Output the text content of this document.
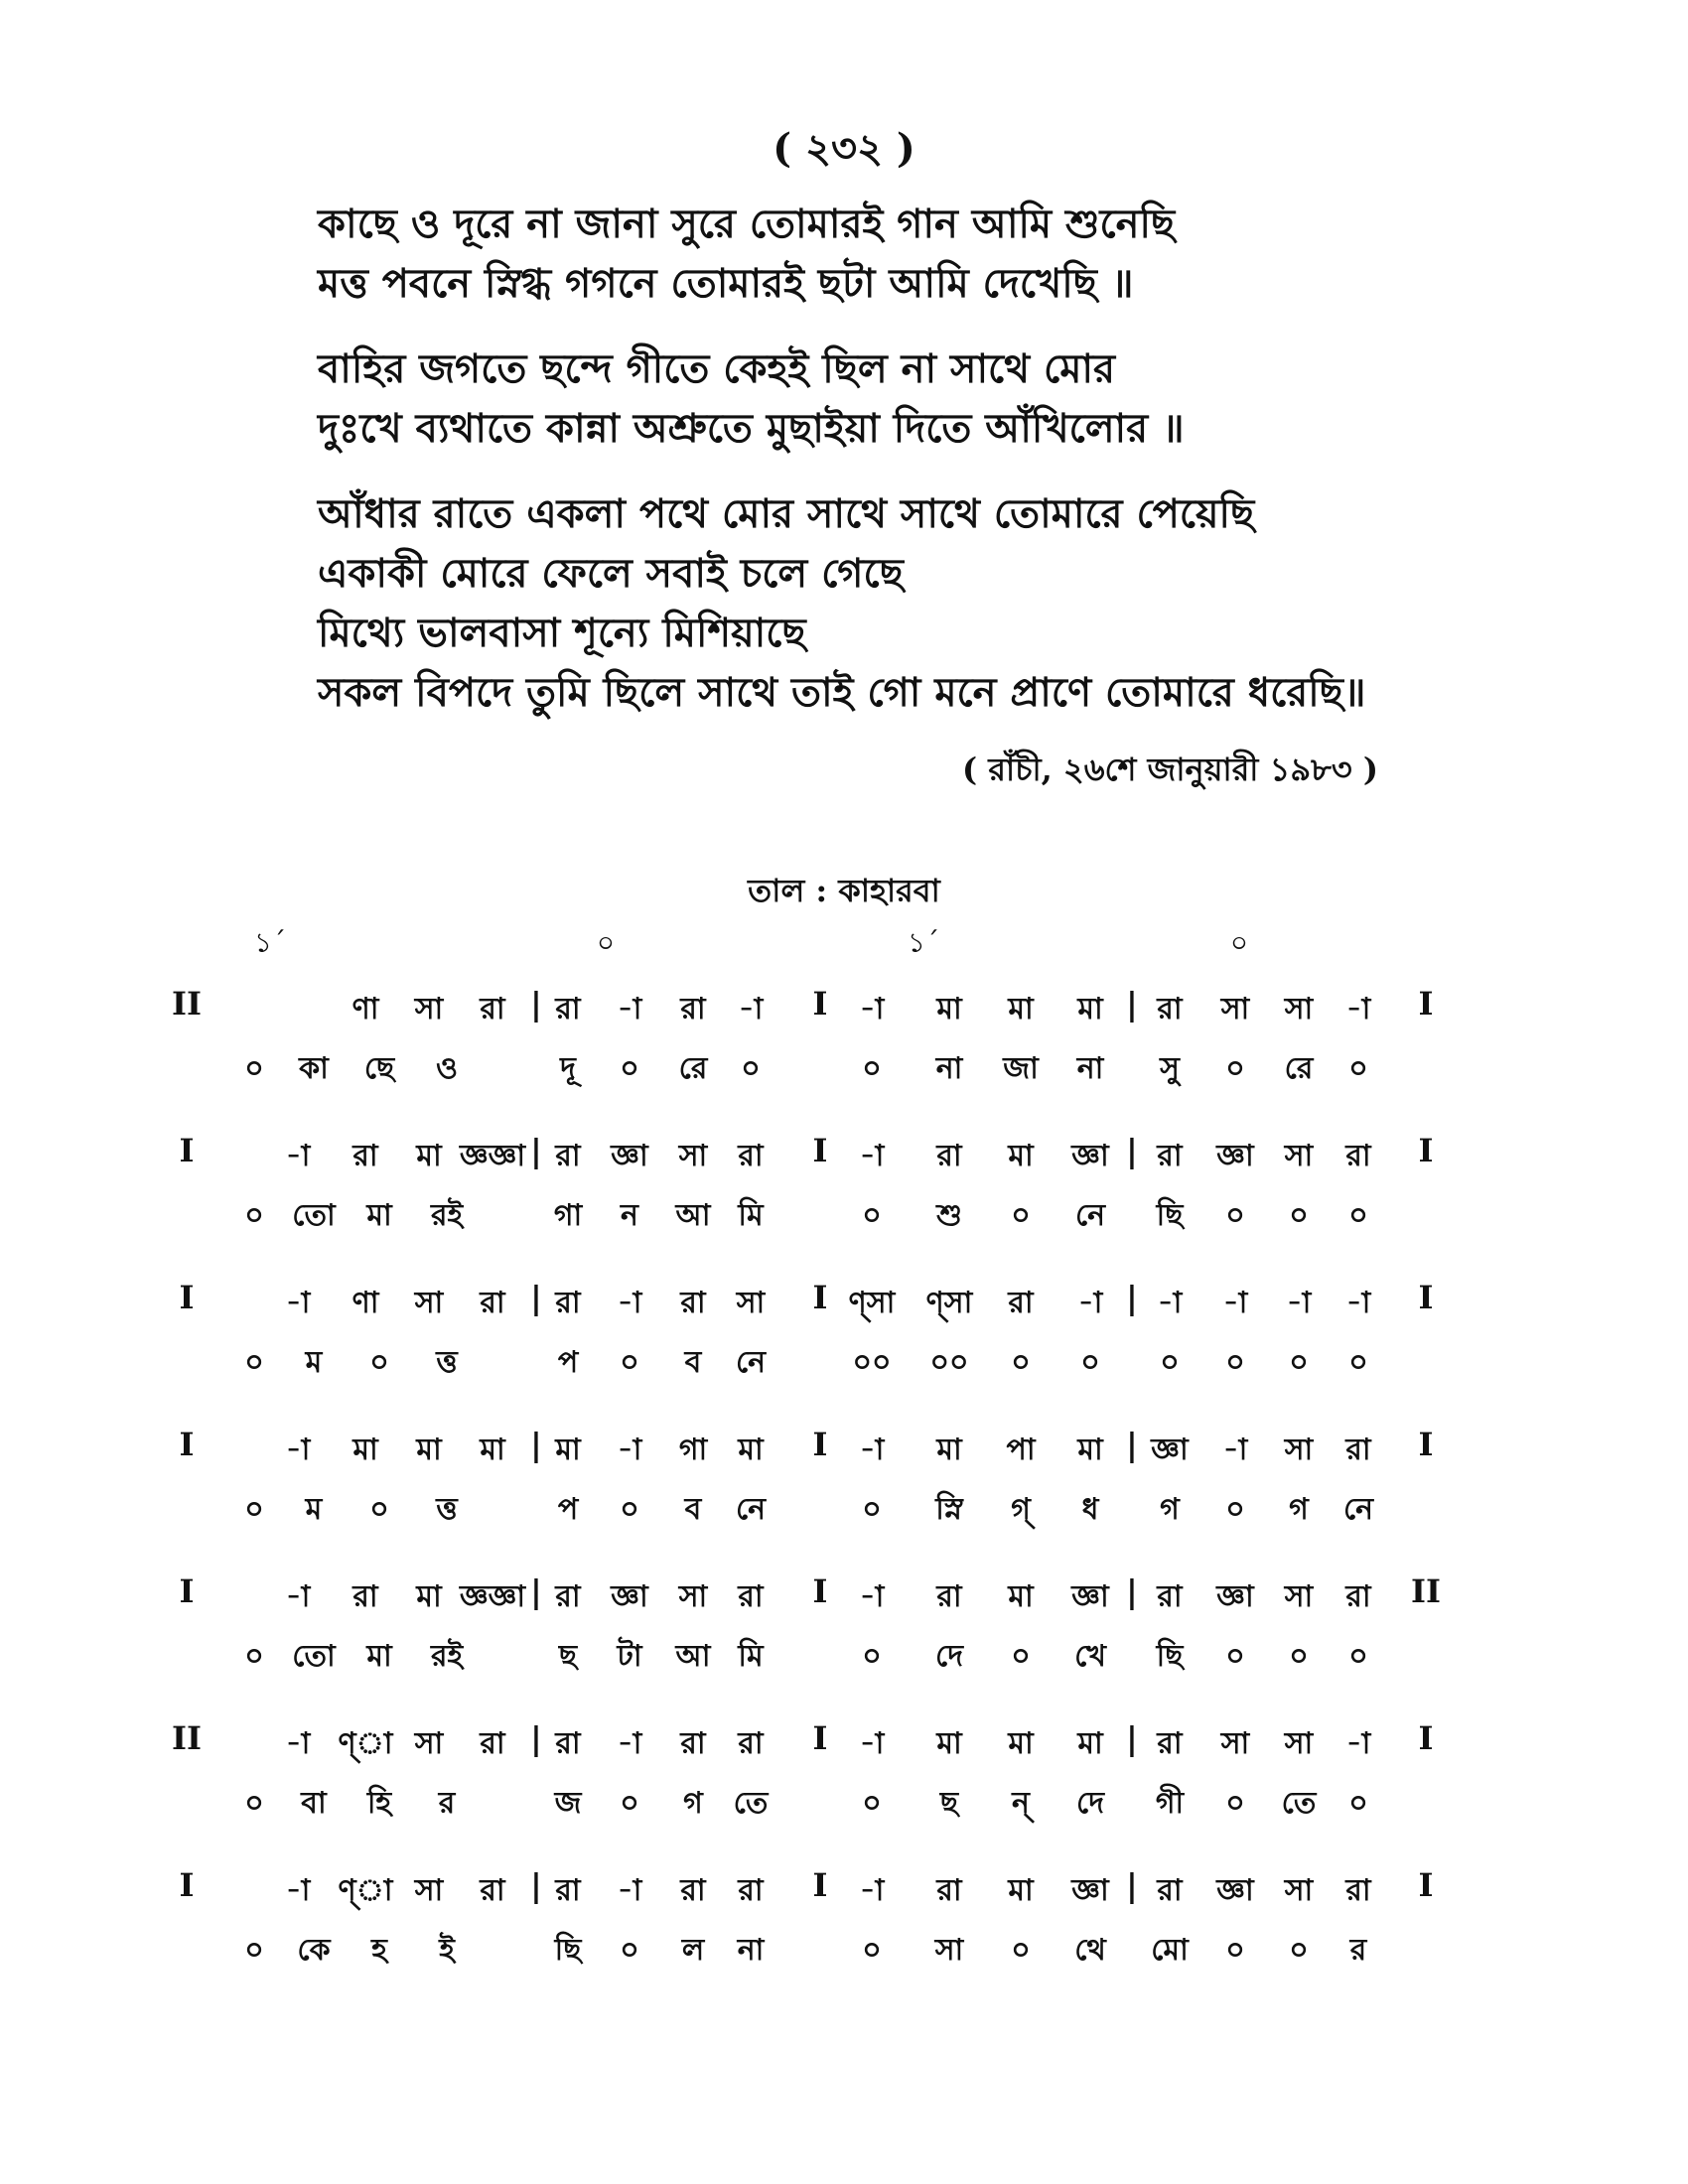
( ২৩২ )
কাছে ও দূরে না জানা সুরে তোমারই গান আমি শুনেছি
মত্ত পবনে স্নিগ্ধ গগনে তোমারই ছটা আমি দেখেছি ॥
বাহির জগতে ছন্দে গীতে কেহই ছিল না সাথে মোর
দুঃখে ব্যথাতে কান্না অশ্রুতে মুছাইয়া দিতে আঁখিলোর ॥
আঁধার রাতে একলা পথে মোর সাথে সাথে তোমারে পেয়েছি
একাকী মোরে ফেলে সবাই চলে গেছে
মিথ্যে ভালবাসা শূন্যে মিশিয়াছে
সকল বিপদে তুমি ছিলে সাথে তাই গো মনে প্রাণে তোমারে ধরেছি॥
( রাঁচী, ২৬শে জানুয়ারী ১৯৮৩ )
তাল : কাহারবা
১´	০	১´	০
II	ণা সা রা | রা -া রা -া I -া মা মা মা | রা সা সা -া I
০ কা ছে ও	দূ ০ রে ০	০ না জা না সু ০ রে ০
I	-া রা মা জ্ঞজ্ঞা | রা জ্ঞা সা রা I -া রা মা জ্ঞা | রা জ্ঞা সা রা I
০ তো মা রই	গা ন আ মি	০ শু ০ নে ছি ০ ০ ০
I	-া ণা সা রা | রা -া রা সা I ণ্সা ণ্সা রা -া | -া -া -া -া I
০ ম ০ ত্ত	প ০ ব নে	০০ ০০ ০ ০ ০ ০ ০ ০
I	-া মা মা মা | মা -া গা মা I -া মা পা মা | জ্ঞা -া সা রা I
০ ম ০ ত্ত	প ০ ব নে	০ স্নি গ্ ধ গ ০ গ নে
I	-া রা মা জ্ঞজ্ঞা | রা জ্ঞা সা রা I -া রা মা জ্ঞা | রা জ্ঞা সা রা II
০ তো মা রই	ছ টা আ মি	০ দে ০ খে ছি ০ ০ ০
II	-া ণ্া সা রা | রা -া রা রা I -া মা মা মা | রা সা সা -া I
০ বা হি র	জ ০ গ তে	০ ছ ন্ দে গী ০ তে ০
I	-া ণ্া সা রা | রা -া রা রা I -া রা মা জ্ঞা | রা জ্ঞা সা রা I
০ কে হ ই	ছি ০ ল না	০ সা ০ থে মো ০ ০ র
